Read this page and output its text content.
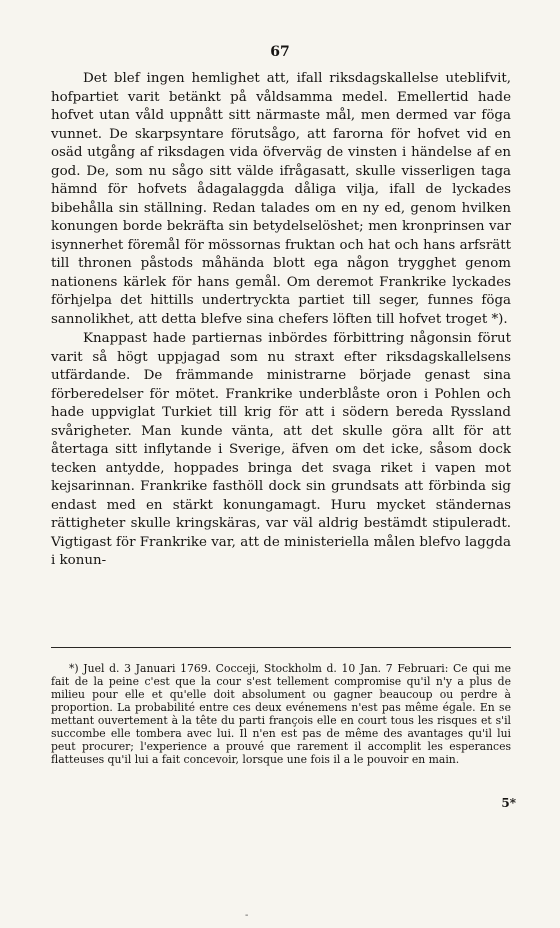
67

Det blef ingen hemlighet att, ifall riksdagskallelse uteblifvit, hofpartiet varit betänkt på våldsamma medel. Emellertid hade hofvet utan våld uppnått sitt närmaste mål, men dermed var föga vunnet. De skarpsyntare förutsågo, att farorna för hofvet vid en osäd utgång af riksdagen vida öfverväg de vinsten i händelse af en god. De, som nu sågo sitt välde ifrågasatt, skulle visserligen taga hämnd för hofvets ådagalaggda dåliga vilja, ifall de lyckades bibehålla sin ställning. Redan talades om en ny ed, genom hvilken konungen borde bekräfta sin betydelselöshet; men kronprinsen var isynnerhet föremål för mössornas fruktan och hat och hans arfsrätt till thronen påstods måhända blott ega någon trygghet genom nationens kärlek för hans gemål. Om deremot Frankrike lyckades förhjelpa det hittills undertryckta partiet till seger, funnes föga sannolikhet, att detta blefve sina chefers löften till hofvet troget *).

Knappast hade partiernas inbördes förbittring någonsin förut varit så högt uppjagad som nu straxt efter riksdagskallelsens utfärdande. De främmande ministrarne började genast sina förberedelser för mötet. Frankrike underblåste oron i Pohlen och hade uppviglat Turkiet till krig för att i södern bereda Ryssland svårigheter. Man kunde vänta, att det skulle göra allt för att återtaga sitt inflytande i Sverige, äfven om det icke, såsom dock tecken antydde, hoppades bringa det svaga riket i vapen mot kejsarinnan. Frankrike fasthöll dock sin grundsats att förbinda sig endast med en stärkt konungamagt. Huru mycket ständernas rättigheter skulle kringskäras, var väl aldrig bestämdt stipuleradt. Vigtigast för Frankrike var, att de ministeriella målen blefvo laggda i konun-

*) Juel d. 3 Januari 1769. Cocceji, Stockholm d. 10 Jan. 7 Februari: Ce qui me fait de la peine c'est que la cour s'est tellement compromise qu'il n'y a plus de milieu pour elle et qu'elle doit absolument ou gagner beaucoup ou perdre à proportion. La probabilité entre ces deux evénemens n'est pas même égale. En se mettant ouvertement à la tête du parti françois elle en court tous les risques et s'il succombe elle tombera avec lui. Il n'en est pas de même des avantages qu'il lui peut procurer; l'experience a prouvé que rarement il accomplit les esperances flatteuses qu'il lui a fait concevoir, lorsque une fois il a le pouvoir en main.

5*
-
